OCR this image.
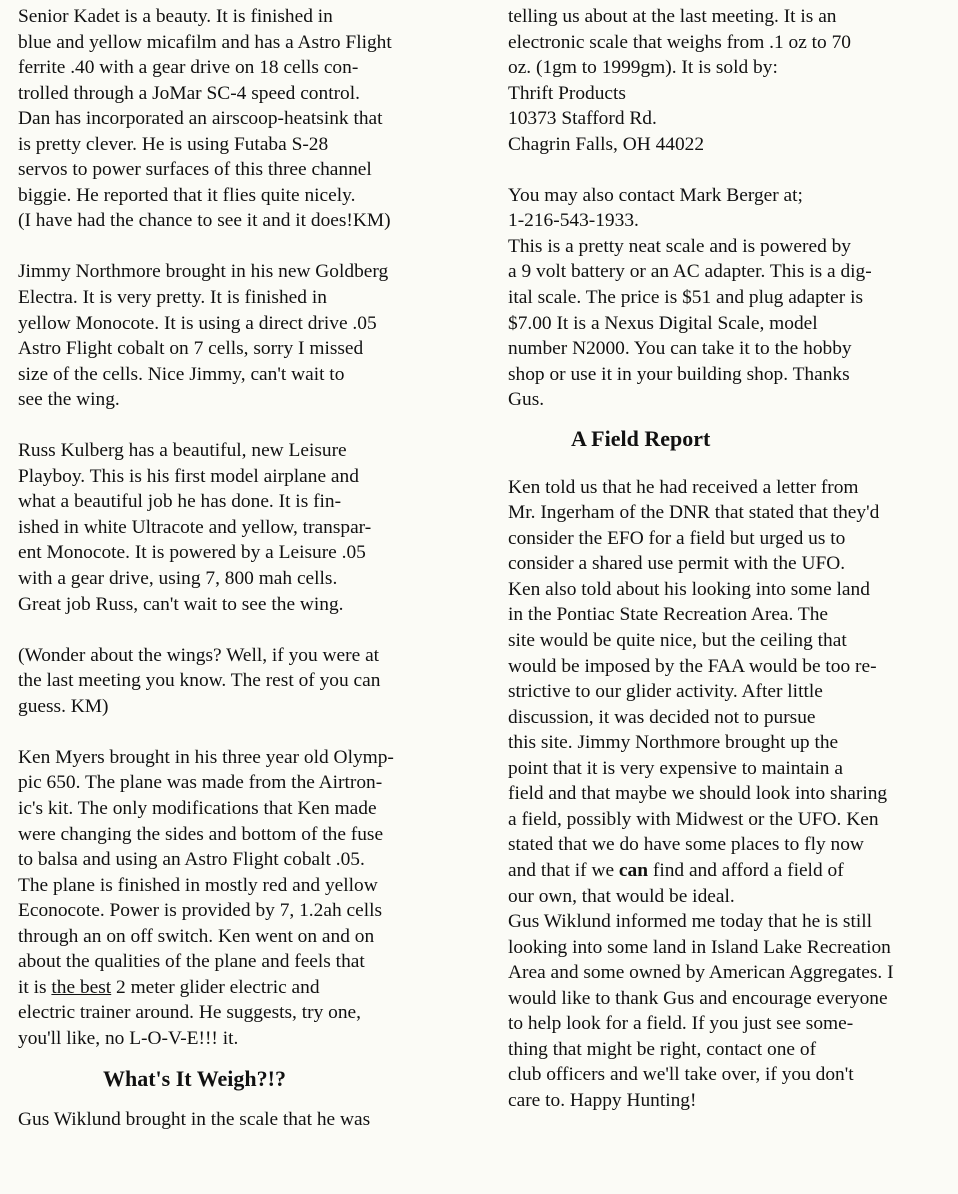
Senior Kadet is a beauty. It is finished in
blue and yellow micafilm and has a Astro Flight
ferrite .40 with a gear drive on 18 cells con-
trolled through a JoMar SC-4 speed control.
Dan has incorporated an airscoop-heatsink that
is pretty clever. He is using Futaba S-28
servos to power surfaces of this three channel
biggie. He reported that it flies quite nicely.
(I have had the chance to see it and it does!KM)
Jimmy Northmore brought in his new Goldberg
Electra. It is very pretty. It is finished in
yellow Monocote. It is using a direct drive .05
Astro Flight cobalt on 7 cells, sorry I missed
size of the cells. Nice Jimmy, can't wait to
see the wing.
Russ Kulberg has a beautiful, new Leisure
Playboy. This is his first model airplane and
what a beautiful job he has done. It is fin-
ished in white Ultracote and yellow, transpar-
ent Monocote. It is powered by a Leisure .05
with a gear drive, using 7, 800 mah cells.
Great job Russ, can't wait to see the wing.
(Wonder about the wings? Well, if you were at
the last meeting you know. The rest of you can
guess. KM)
Ken Myers brought in his three year old Olymp-
pic 650. The plane was made from the Airtron-
ic's kit. The only modifications that Ken made
were changing the sides and bottom of the fuse
to balsa and using an Astro Flight cobalt .05.
The plane is finished in mostly red and yellow
Econocote. Power is provided by 7, 1.2ah cells
through an on off switch. Ken went on and on
about the qualities of the plane and feels that
it is the best 2 meter glider electric and
electric trainer around. He suggests, try one,
you'll like, no L-O-V-E!!! it.
What's It Weigh?!?
Gus Wiklund brought in the scale that he was
telling us about at the last meeting. It is an
electronic scale that weighs from .1 oz to 70
oz. (1gm to 1999gm). It is sold by:
Thrift Products
10373 Stafford Rd.
Chagrin Falls, OH 44022
You may also contact Mark Berger at;
1-216-543-1933.
This is a pretty neat scale and is powered by
a 9 volt battery or an AC adapter. This is a dig-
ital scale. The price is $51 and plug adapter is
$7.00 It is a Nexus Digital Scale, model
number N2000. You can take it to the hobby
shop or use it in your building shop. Thanks
Gus.
A Field Report
Ken told us that he had received a letter from
Mr. Ingerham of the DNR that stated that they'd
consider the EFO for a field but urged us to
consider a shared use permit with the UFO.
Ken also told about his looking into some land
in the Pontiac State Recreation Area. The
site would be quite nice, but the ceiling that
would be imposed by the FAA would be too re-
strictive to our glider activity. After little
discussion, it was decided not to pursue
this site. Jimmy Northmore brought up the
point that it is very expensive to maintain a
field and that maybe we should look into sharing
a field, possibly with Midwest or the UFO. Ken
stated that we do have some places to fly now
and that if we can find and afford a field of
our own, that would be ideal.
Gus Wiklund informed me today that he is still
looking into some land in Island Lake Recreation
Area and some owned by American Aggregates. I
would like to thank Gus and encourage everyone
to help look for a field. If you just see some-
thing that might be right, contact one of
club officers and we'll take over, if you don't
care to. Happy Hunting!
